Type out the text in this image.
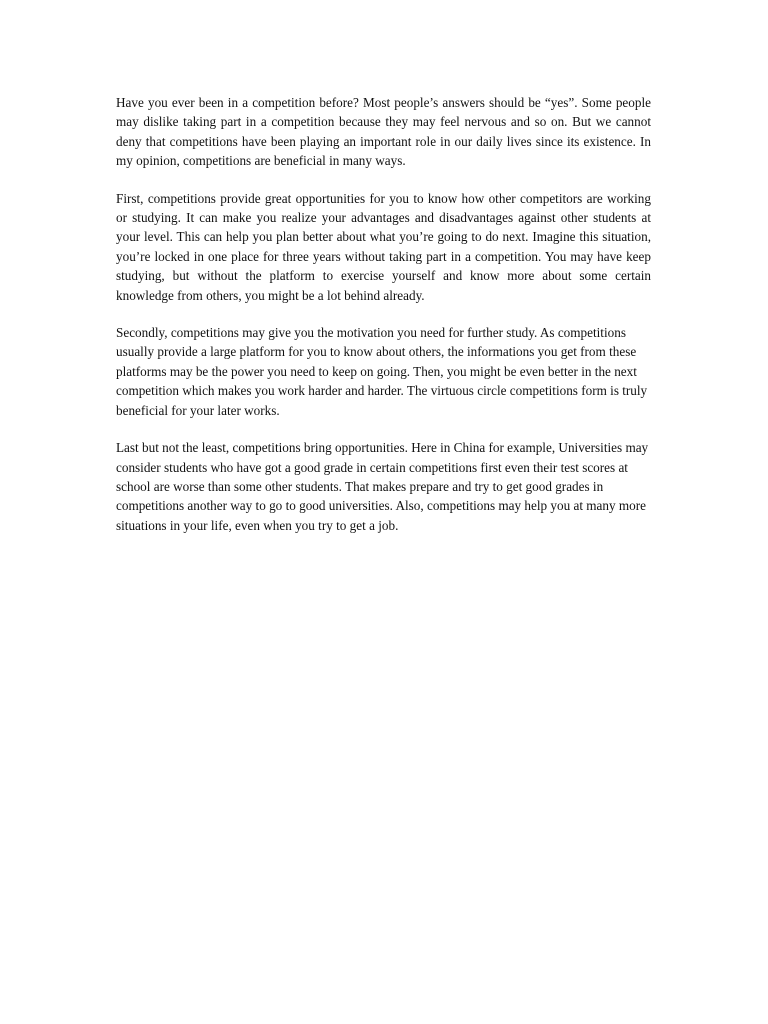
Have you ever been in a competition before? Most people’s answers should be “yes”. Some people may dislike taking part in a competition because they may feel nervous and so on. But we cannot deny that competitions have been playing an important role in our daily lives since its existence. In my opinion, competitions are beneficial in many ways.

First, competitions provide great opportunities for you to know how other competitors are working or studying. It can make you realize your advantages and disadvantages against other students at your level. This can help you plan better about what you’re going to do next. Imagine this situation, you’re locked in one place for three years without taking part in a competition. You may have keep studying, but without the platform to exercise yourself and know more about some certain knowledge from others, you might be a lot behind already.

Secondly, competitions may give you the motivation you need for further study. As competitions usually provide a large platform for you to know about others, the informations you get from these platforms may be the power you need to keep on going. Then, you might be even better in the next competition which makes you work harder and harder. The virtuous circle competitions form is truly beneficial for your later works.

Last but not the least, competitions bring opportunities. Here in China for example, Universities may consider students who have got a good grade in certain competitions first even their test scores at school are worse than some other students. That makes prepare and try to get good grades in competitions another way to go to good universities. Also, competitions may help you at many more situations in your life, even when you try to get a job.
